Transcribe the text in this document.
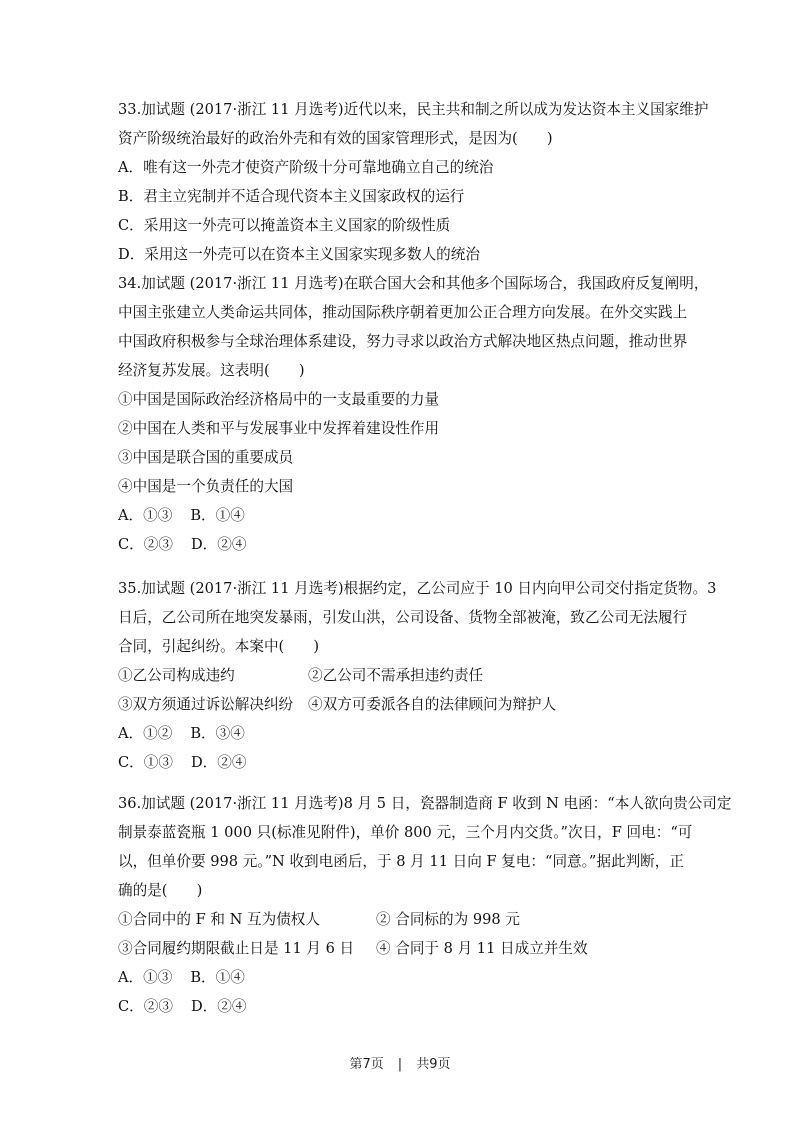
33.加试题 (2017·浙江 11 月选考)近代以来，民主共和制之所以成为发达资本主义国家维护
资产阶级统治最好的政治外壳和有效的国家管理形式，是因为(　　)
A．唯有这一外壳才使资产阶级十分可靠地确立自己的统治
B．君主立宪制并不适合现代资本主义国家政权的运行
C．采用这一外壳可以掩盖资本主义国家的阶级性质
D．采用这一外壳可以在资本主义国家实现多数人的统治
34.加试题 (2017·浙江 11 月选考)在联合国大会和其他多个国际场合，我国政府反复阐明，
中国主张建立人类命运共同体，推动国际秩序朝着更加公正合理方向发展。在外交实践上
中国政府积极参与全球治理体系建设，努力寻求以政治方式解决地区热点问题，推动世界
经济复苏发展。这表明(　　)
①中国是国际政治经济格局中的一支最重要的力量
②中国在人类和平与发展事业中发挥着建设性作用
③中国是联合国的重要成员
④中国是一个负责任的大国
A．①③ B．①④
C．②③ D．②④
35.加试题 (2017·浙江 11 月选考)根据约定，乙公司应于 10 日内向甲公司交付指定货物。3
日后，乙公司所在地突发暴雨，引发山洪，公司设备、货物全部被淹，致乙公司无法履行
合同，引起纠纷。本案中(　　)
①乙公司构成违约	②乙公司不需承担违约责任
③双方须通过诉讼解决纠纷	④双方可委派各自的法律顾问为辩护人
A．①② B．③④
C．①③ D．②④
36.加试题 (2017·浙江 11 月选考)8 月 5 日，瓷器制造商 F 收到 N 电函：“本人欲向贵公司定
制景泰蓝瓷瓶 1 000 只(标准见附件)，单价 800 元，三个月内交货。”次日，F 回电：“可
以，但单价要 998 元。”N 收到电函后，于 8 月 11 日向 F 复电：“同意。”据此判断，正
确的是(　　)
①合同中的 F 和 N 互为债权人	② 合同标的为 998 元
③合同履约期限截止日是 11 月 6 日	④ 合同于 8 月 11 日成立并生效
A．①③ B．①④
C．②③ D．②④
第7页 | 共9页
